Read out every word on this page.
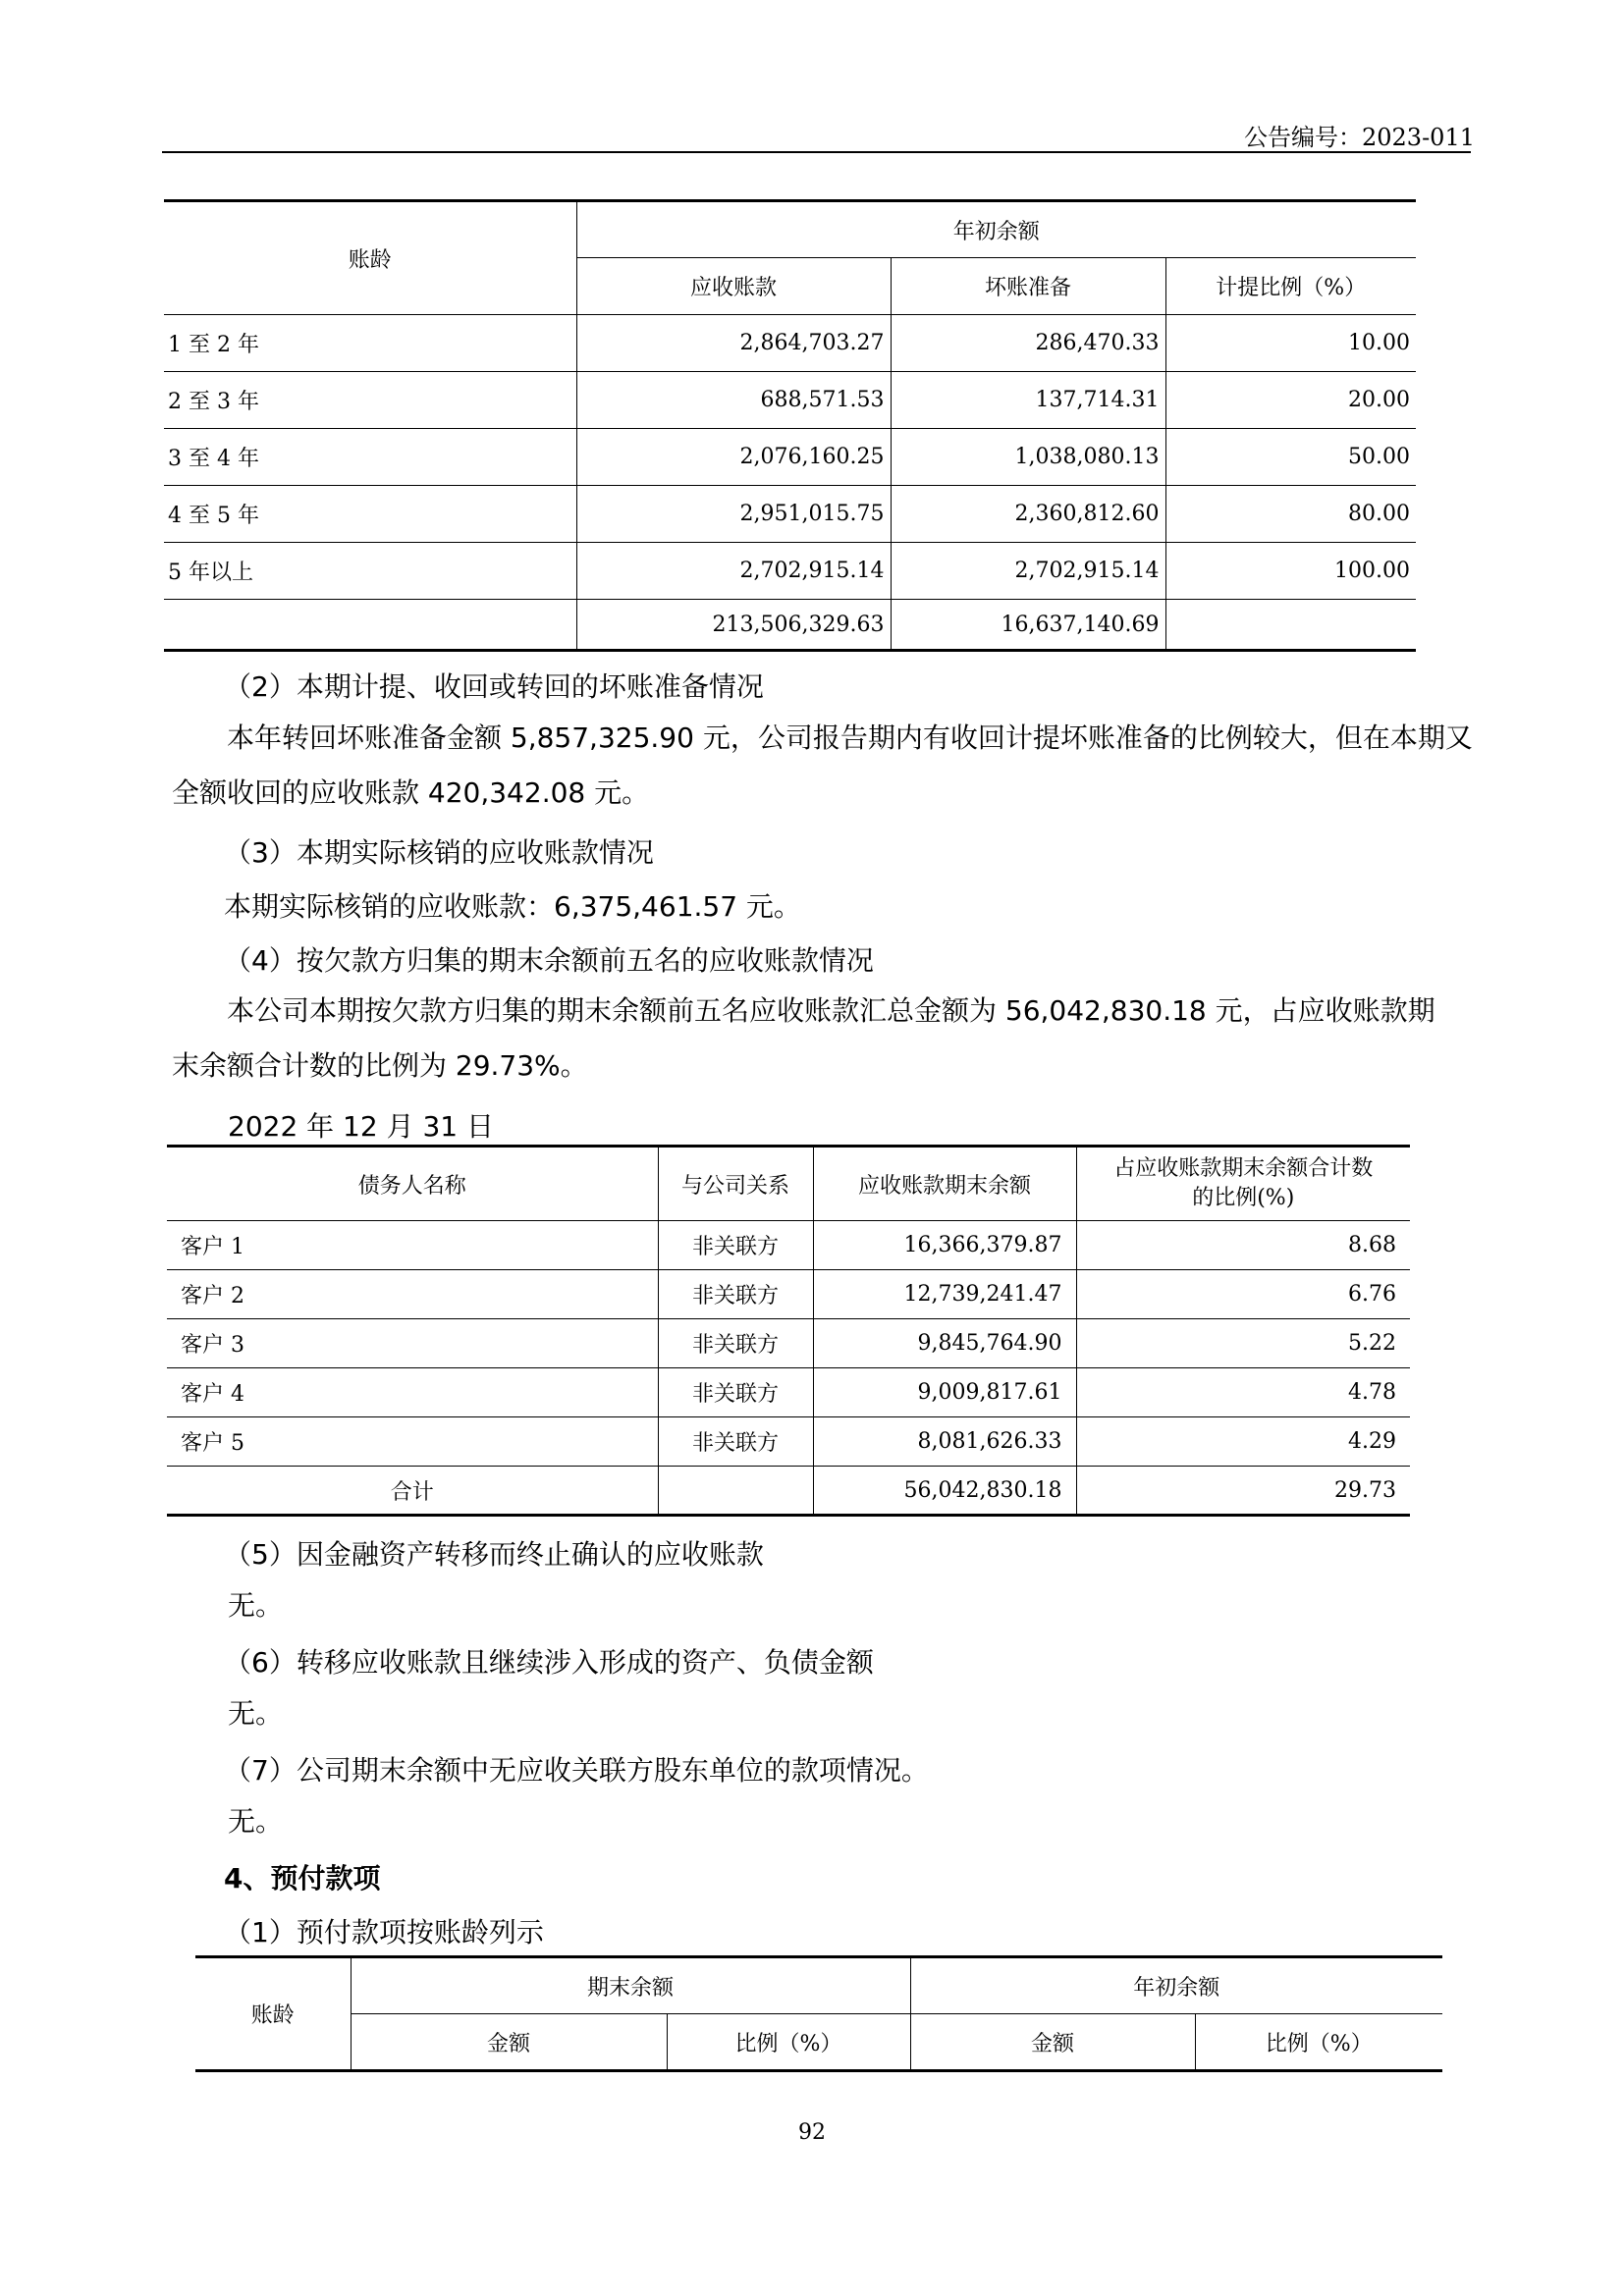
公告编号：2023-011
账龄	年初余额		
	应收账款	坏账准备	计提比例（%）
1 至 2 年	2,864,703.27	286,470.33	10.00
2 至 3 年	688,571.53	137,714.31	20.00
3 至 4 年	2,076,160.25	1,038,080.13	50.00
4 至 5 年	2,951,015.75	2,360,812.60	80.00
5 年以上	2,702,915.14	2,702,915.14	100.00
	213,506,329.63	16,637,140.69	
（2）本期计提、收回或转回的坏账准备情况
本年转回坏账准备金额 5,857,325.90 元，公司报告期内有收回计提坏账准备的比例较大，但在本期又全额收回的应收账款 420,342.08 元。
（3）本期实际核销的应收账款情况
本期实际核销的应收账款：6,375,461.57 元。
（4）按欠款方归集的期末余额前五名的应收账款情况
本公司本期按欠款方归集的期末余额前五名应收账款汇总金额为 56,042,830.18 元，占应收账款期末余额合计数的比例为 29.73%。
2022 年 12 月 31 日
债务人名称	与公司关系	应收账款期末余额	占应收账款期末余额合计数
的比例(%)

客户 1	非关联方	16,366,379.87	8.68
客户 2	非关联方	12,739,241.47	6.76
客户 3	非关联方	9,845,764.90	5.22
客户 4	非关联方	9,009,817.61	4.78
客户 5	非关联方	8,081,626.33	4.29
合计		56,042,830.18	29.73
（5）因金融资产转移而终止确认的应收账款
无。
（6）转移应收账款且继续涉入形成的资产、负债金额
无。
（7）公司期末余额中无应收关联方股东单位的款项情况。
无。
4、预付款项
（1）预付款项按账龄列示
账龄	期末余额		年初余额	
	金额	比例（%）	金额	比例（%）
92
